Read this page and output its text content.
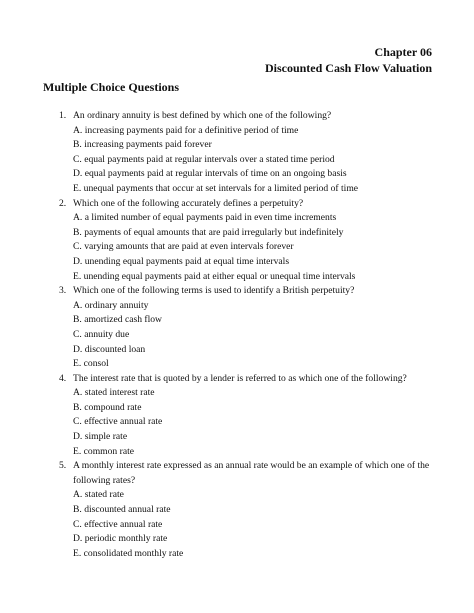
Chapter 06
Discounted Cash Flow Valuation
Multiple Choice Questions
1. An ordinary annuity is best defined by which one of the following?
A. increasing payments paid for a definitive period of time
B. increasing payments paid forever
C. equal payments paid at regular intervals over a stated time period
D. equal payments paid at regular intervals of time on an ongoing basis
E. unequal payments that occur at set intervals for a limited period of time
2. Which one of the following accurately defines a perpetuity?
A. a limited number of equal payments paid in even time increments
B. payments of equal amounts that are paid irregularly but indefinitely
C. varying amounts that are paid at even intervals forever
D. unending equal payments paid at equal time intervals
E. unending equal payments paid at either equal or unequal time intervals
3. Which one of the following terms is used to identify a British perpetuity?
A. ordinary annuity
B. amortized cash flow
C. annuity due
D. discounted loan
E. consol
4. The interest rate that is quoted by a lender is referred to as which one of the following?
A. stated interest rate
B. compound rate
C. effective annual rate
D. simple rate
E. common rate
5. A monthly interest rate expressed as an annual rate would be an example of which one of the following rates?
A. stated rate
B. discounted annual rate
C. effective annual rate
D. periodic monthly rate
E. consolidated monthly rate
